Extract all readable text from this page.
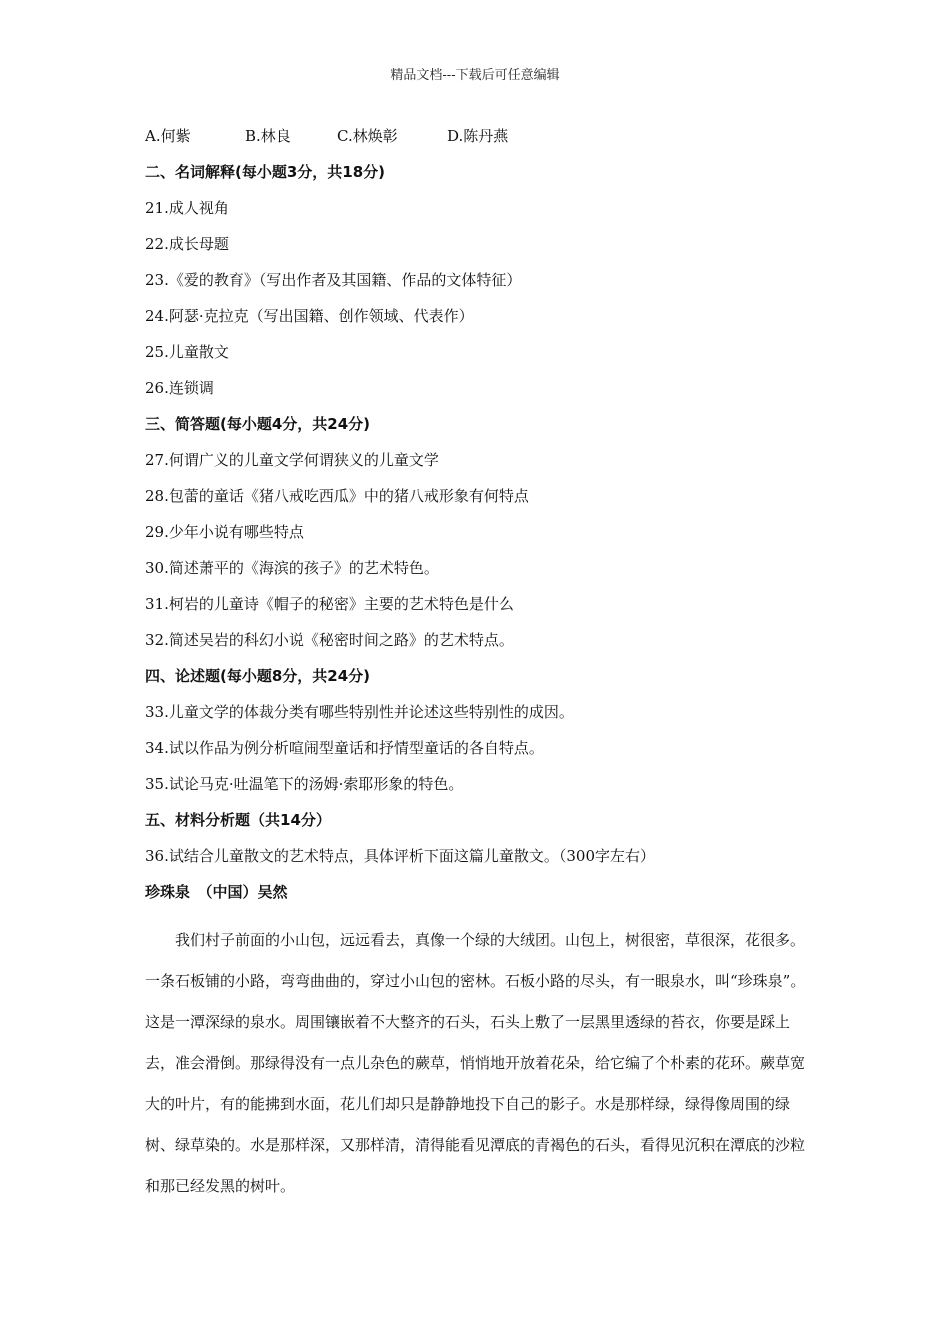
精品文档---下载后可任意编辑
A.何紫	B.林良	C.林焕彰	D.陈丹燕
二、名词解释(每小题3分，共18分)
21.成人视角
22.成长母题
23.《爱的教育》（写出作者及其国籍、作品的文体特征）
24.阿瑟·克拉克（写出国籍、创作领域、代表作）
25.儿童散文
26.连锁调
三、简答题(每小题4分，共24分)
27.何谓广义的儿童文学何谓狭义的儿童文学
28.包蕾的童话《猪八戒吃西瓜》中的猪八戒形象有何特点
29.少年小说有哪些特点
30.简述萧平的《海滨的孩子》的艺术特色。
31.柯岩的儿童诗《帽子的秘密》主要的艺术特色是什么
32.简述吴岩的科幻小说《秘密时间之路》的艺术特点。
四、论述题(每小题8分，共24分)
33.儿童文学的体裁分类有哪些特别性并论述这些特别性的成因。
34.试以作品为例分析喧闹型童话和抒情型童话的各自特点。
35.试论马克·吐温笔下的汤姆·索耶形象的特色。
五、材料分析题（共14分）
36.试结合儿童散文的艺术特点，具体评析下面这篇儿童散文。（300字左右）
珍珠泉　（中国）吴然
我们村子前面的小山包，远远看去，真像一个绿的大绒团。山包上，树很密，草很深，花很多。一条石板铺的小路，弯弯曲曲的，穿过小山包的密林。石板小路的尽头，有一眼泉水，叫“珍珠泉”。　这是一潭深绿的泉水。周围镶嵌着不大整齐的石头，石头上敷了一层黑里透绿的苔衣，你要是踩上去，准会滑倒。那绿得没有一点儿杂色的蕨草，悄悄地开放着花朵，给它编了个朴素的花环。蕨草宽大的叶片，有的能拂到水面，花儿们却只是静静地投下自己的影子。水是那样绿，绿得像周围的绿树、绿草染的。水是那样深，又那样清，清得能看见潭底的青褐色的石头，看得见沉积在潭底的沙粒和那已经发黑的树叶。
